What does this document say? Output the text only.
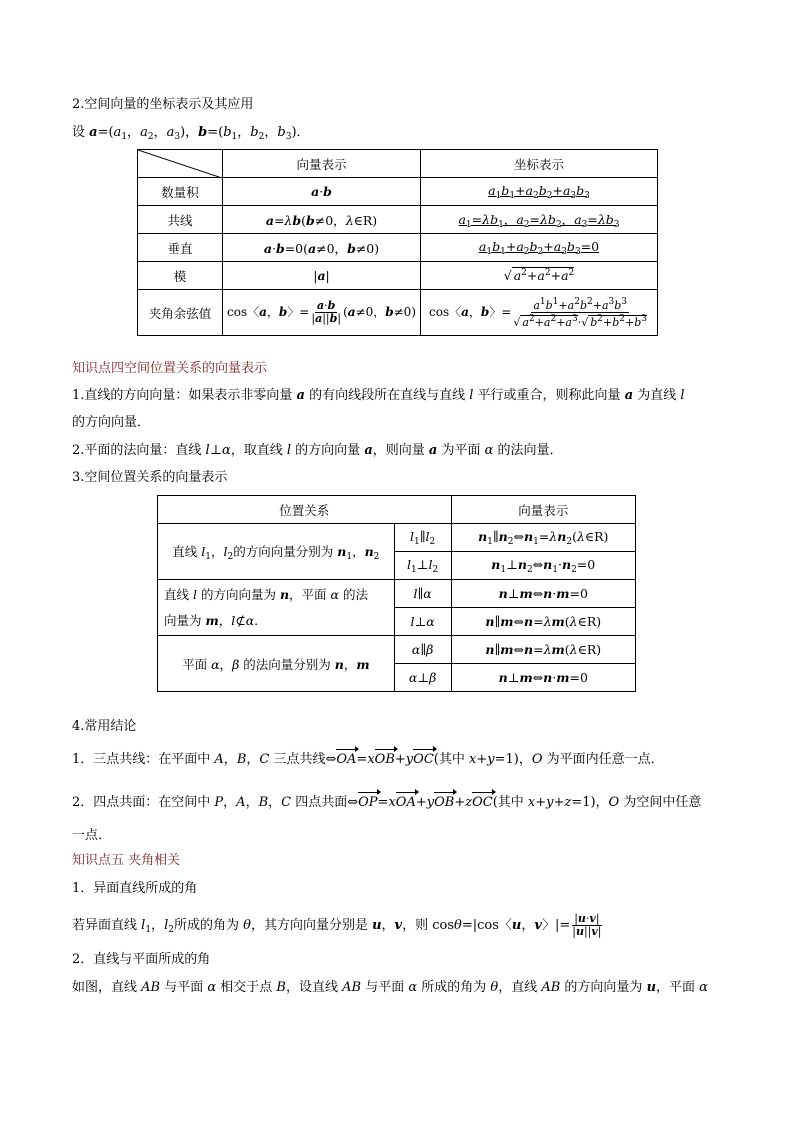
2.空间向量的坐标表示及其应用
设 $a=(a_1$，$a_2$，$a_3$)，$b=(b_1$，$b_2$，$b_3$)．
	向量表示	坐标表示
数量积	a·b	$a_1b_1+a_2b_2+a_3b_3$
共线	a=λb(b≠0，λ∈R)	$a_1=\lambda b_1$，$a_2=\lambda b_2$，$a_3=\lambda b_3$
垂直	a·b=0(a≠0，b≠0)	$a_1b_1+a_2b_2+a_3b_3=0$
模	|a|	√ $a^2+a^2+a^2$
夹角余弦值	cos〈a，b〉= $\frac{a\cdot b}{|a||b|} (a\ne 0$，b≠0)	cos〈a，b〉= $\frac{a^1b^1+a^2b^2+a^3b^3}{√ a^2+a^2+a^3\cdot√ b^2+b^2+b^3}$
知识点四空间位置关系的向量表示
1.直线的方向向量：如果表示非零向量 a 的有向线段所在直线与直线 l 平行或重合，则称此向量 a 为直线 l
的方向向量．
2.平面的法向量：直线 l⊥α，取直线 l 的方向向量 a，则向量 a 为平面 α 的法向量．
3.空间位置关系的向量表示
位置关系		向量表示
直线 $l_1$，$l_2$的方向向量分别为 $n_1$，$n_2$	$l_1\parallel l_2$	$n_1\parallel n_2\Leftrightarrow n_1=\lambda n_2(\lambda\in R)$
	$l_1\perp l_2$	$n_1\perp n_2\Leftrightarrow n_1\cdot n_2=0$
直线 l 的方向向量为 n，平面 α 的法
向量为 m，l⊄α.	l∥α	n⊥m⇔n·m=0
	l⊥α	n∥m⇔n=λm(λ∈R)
平面 α，β 的法向量分别为 n，m	α∥β	n∥m⇔n=λm(λ∈R)
	α⊥β	n⊥m⇔n·m=0
4.常用结论
1．三点共线：在平面中 A，B，C 三点共线⇔OA=xOB+yOC(其中 x+y=1)，O 为平面内任意一点．
2．四点共面：在空间中 P，A，B，C 四点共面⇔OP=xOA+yOB+zOC(其中 x+y+z=1)，O 为空间中任意
一点．
知识点五 夹角相关
1．异面直线所成的角
若异面直线 $l_1$，$l_2$所成的角为 θ，其方向向量分别是 u，v，则 cosθ=|cos〈u，v〉|= $\frac{|u\cdot v|}{|u||v|}$
2．直线与平面所成的角
如图，直线 AB 与平面 α 相交于点 B，设直线 AB 与平面 α 所成的角为 θ，直线 AB 的方向向量为 u，平面 α
